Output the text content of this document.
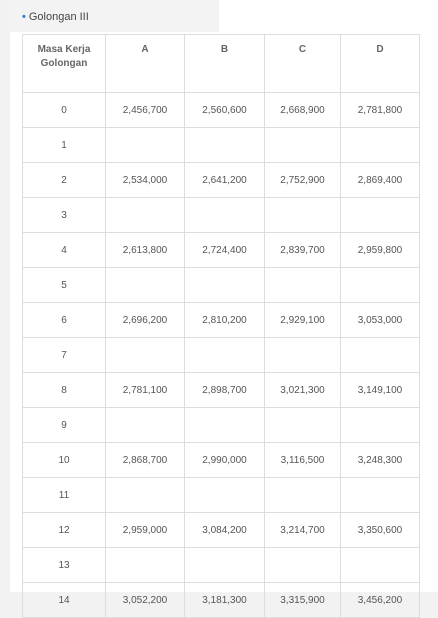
• Golongan III
Masa Kerja
Golongan	A	B	C	D
0	2,456,700	2,560,600	2,668,900	2,781,800
1				
2	2,534,000	2,641,200	2,752,900	2,869,400
3				
4	2,613,800	2,724,400	2,839,700	2,959,800
5				
6	2,696,200	2,810,200	2,929,100	3,053,000
7				
8	2,781,100	2,898,700	3,021,300	3,149,100
9				
10	2,868,700	2,990,000	3,116,500	3,248,300
11				
12	2,959,000	3,084,200	3,214,700	3,350,600
13				
14	3,052,200	3,181,300	3,315,900	3,456,200
